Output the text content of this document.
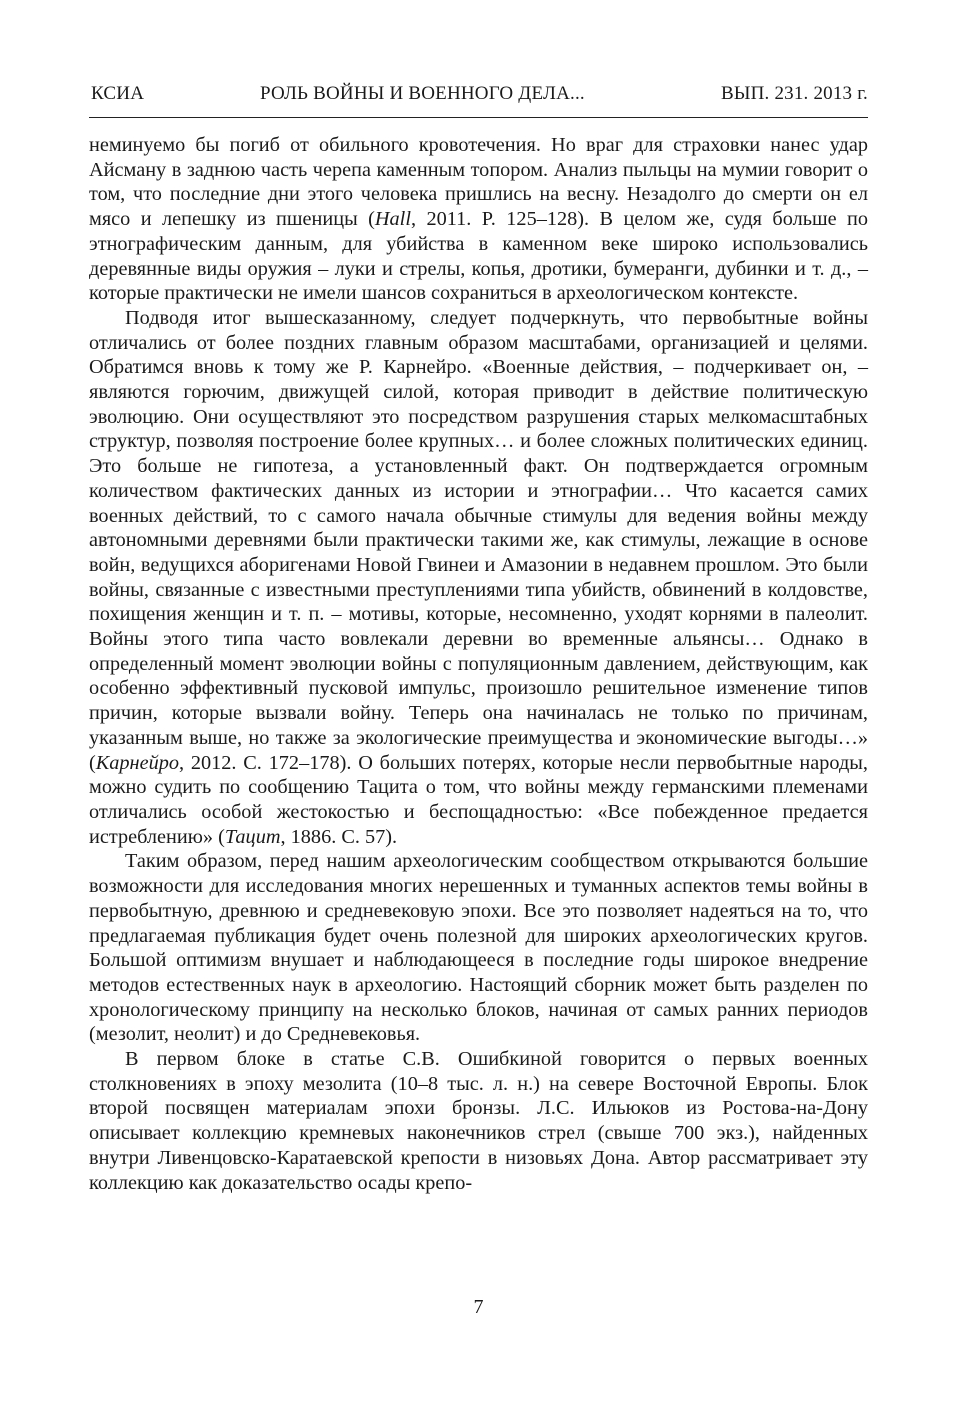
КСИА	РОЛЬ ВОЙНЫ И ВОЕННОГО ДЕЛА...	ВЫП. 231. 2013 г.

неминуемо бы погиб от обильного кровотечения. Но враг для страховки нанес удар Айсману в заднюю часть черепа каменным топором. Анализ пыльцы на мумии говорит о том, что последние дни этого человека пришлись на весну. Незадолго до смерти он ел мясо и лепешку из пшеницы (Hall, 2011. P. 125–128). В целом же, судя больше по этнографическим данным, для убийства в каменном веке широко использовались деревянные виды оружия – луки и стрелы, копья, дротики, бумеранги, дубинки и т. д., – которые практически не имели шансов сохраниться в археологическом контексте.

Подводя итог вышесказанному, следует подчеркнуть, что первобытные войны отличались от более поздних главным образом масштабами, организацией и целями. Обратимся вновь к тому же Р. Карнейро. «Военные действия, – подчеркивает он, – являются горючим, движущей силой, которая приводит в действие политическую эволюцию. Они осуществляют это посредством разрушения старых мелкомасштабных структур, позволяя построение более крупных… и более сложных политических единиц. Это больше не гипотеза, а установленный факт. Он подтверждается огромным количеством фактических данных из истории и этнографии… Что касается самих военных действий, то с самого начала обычные стимулы для ведения войны между автономными деревнями были практически такими же, как стимулы, лежащие в основе войн, ведущихся аборигенами Новой Гвинеи и Амазонии в недавнем прошлом. Это были войны, связанные с известными преступлениями типа убийств, обвинений в колдовстве, похищения женщин и т. п. – мотивы, которые, несомненно, уходят корнями в палеолит. Войны этого типа часто вовлекали деревни во временные альянсы… Однако в определенный момент эволюции войны с популяционным давлением, действующим, как особенно эффективный пусковой импульс, произошло решительное изменение типов причин, которые вызвали войну. Теперь она начиналась не только по причинам, указанным выше, но также за экологические преимущества и экономические выгоды…» (Карнейро, 2012. С. 172–178). О больших потерях, которые несли первобытные народы, можно судить по сообщению Тацита о том, что войны между германскими племенами отличались особой жестокостью и беспощадностью: «Все побежденное предается истреблению» (Тацит, 1886. С. 57).

Таким образом, перед нашим археологическим сообществом открываются большие возможности для исследования многих нерешенных и туманных аспектов темы войны в первобытную, древнюю и средневековую эпохи. Все это позволяет надеяться на то, что предлагаемая публикация будет очень полезной для широких археологических кругов. Большой оптимизм внушает и наблюдающееся в последние годы широкое внедрение методов естественных наук в археологию. Настоящий сборник может быть разделен по хронологическому принципу на несколько блоков, начиная от самых ранних периодов (мезолит, неолит) и до Средневековья.

В первом блоке в статье С.В. Ошибкиной говорится о первых военных столкновениях в эпоху мезолита (10–8 тыс. л. н.) на севере Восточной Европы. Блок второй посвящен материалам эпохи бронзы. Л.С. Ильюков из Ростова-на-Дону описывает коллекцию кремневых наконечников стрел (свыше 700 экз.), найденных внутри Ливенцовско-Каратаевской крепости в низовьях Дона. Автор рассматривает эту коллекцию как доказательство осады крепо-

7
